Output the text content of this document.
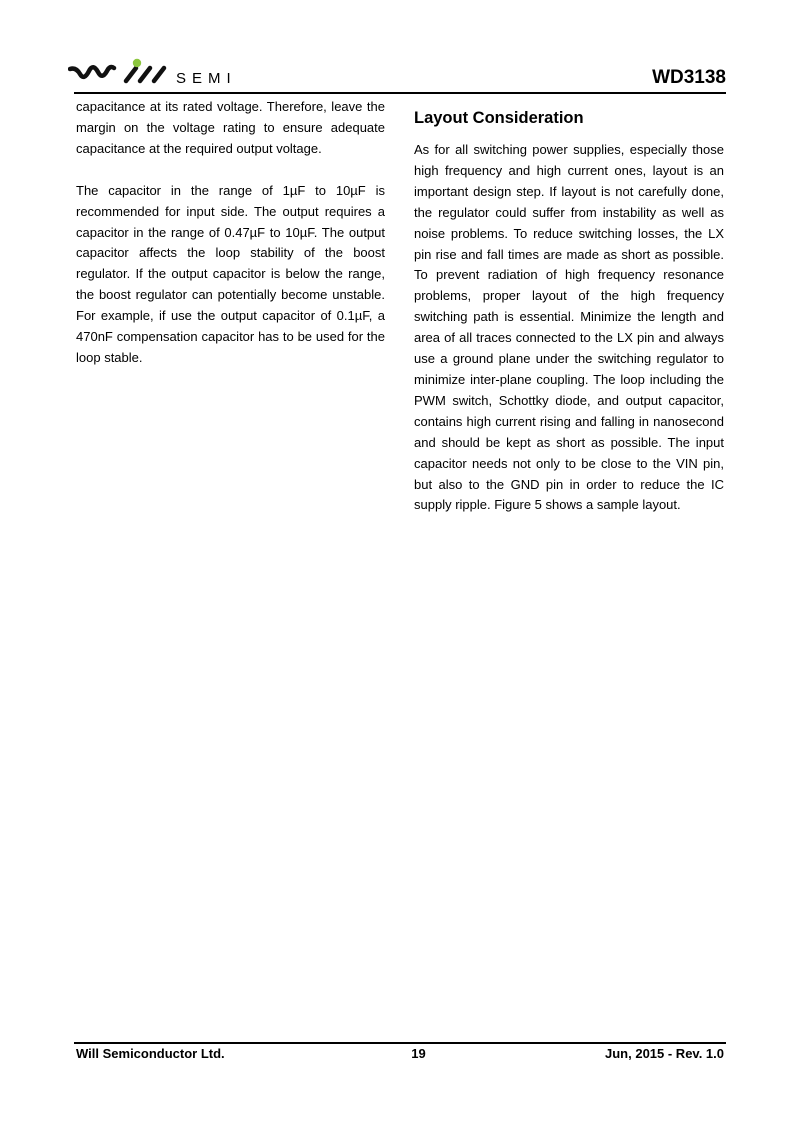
SEMI	WD3138

capacitance at its rated voltage. Therefore, leave the margin on the voltage rating to ensure adequate capacitance at the required output voltage.

The capacitor in the range of 1µF to 10µF is recommended for input side. The output requires a capacitor in the range of 0.47µF to 10µF. The output capacitor affects the loop stability of the boost regulator. If the output capacitor is below the range, the boost regulator can potentially become unstable. For example, if use the output capacitor of 0.1µF, a 470nF compensation capacitor has to be used for the loop stable.

Layout Consideration

As for all switching power supplies, especially those high frequency and high current ones, layout is an important design step. If layout is not carefully done, the regulator could suffer from instability as well as noise problems. To reduce switching losses, the LX pin rise and fall times are made as short as possible. To prevent radiation of high frequency resonance problems, proper layout of the high frequency switching path is essential. Minimize the length and area of all traces connected to the LX pin and always use a ground plane under the switching regulator to minimize inter-plane coupling. The loop including the PWM switch, Schottky diode, and output capacitor, contains high current rising and falling in nanosecond and should be kept as short as possible. The input capacitor needs not only to be close to the VIN pin, but also to the GND pin in order to reduce the IC supply ripple. Figure 5 shows a sample layout.

Will Semiconductor Ltd.	19	Jun, 2015 - Rev. 1.0
